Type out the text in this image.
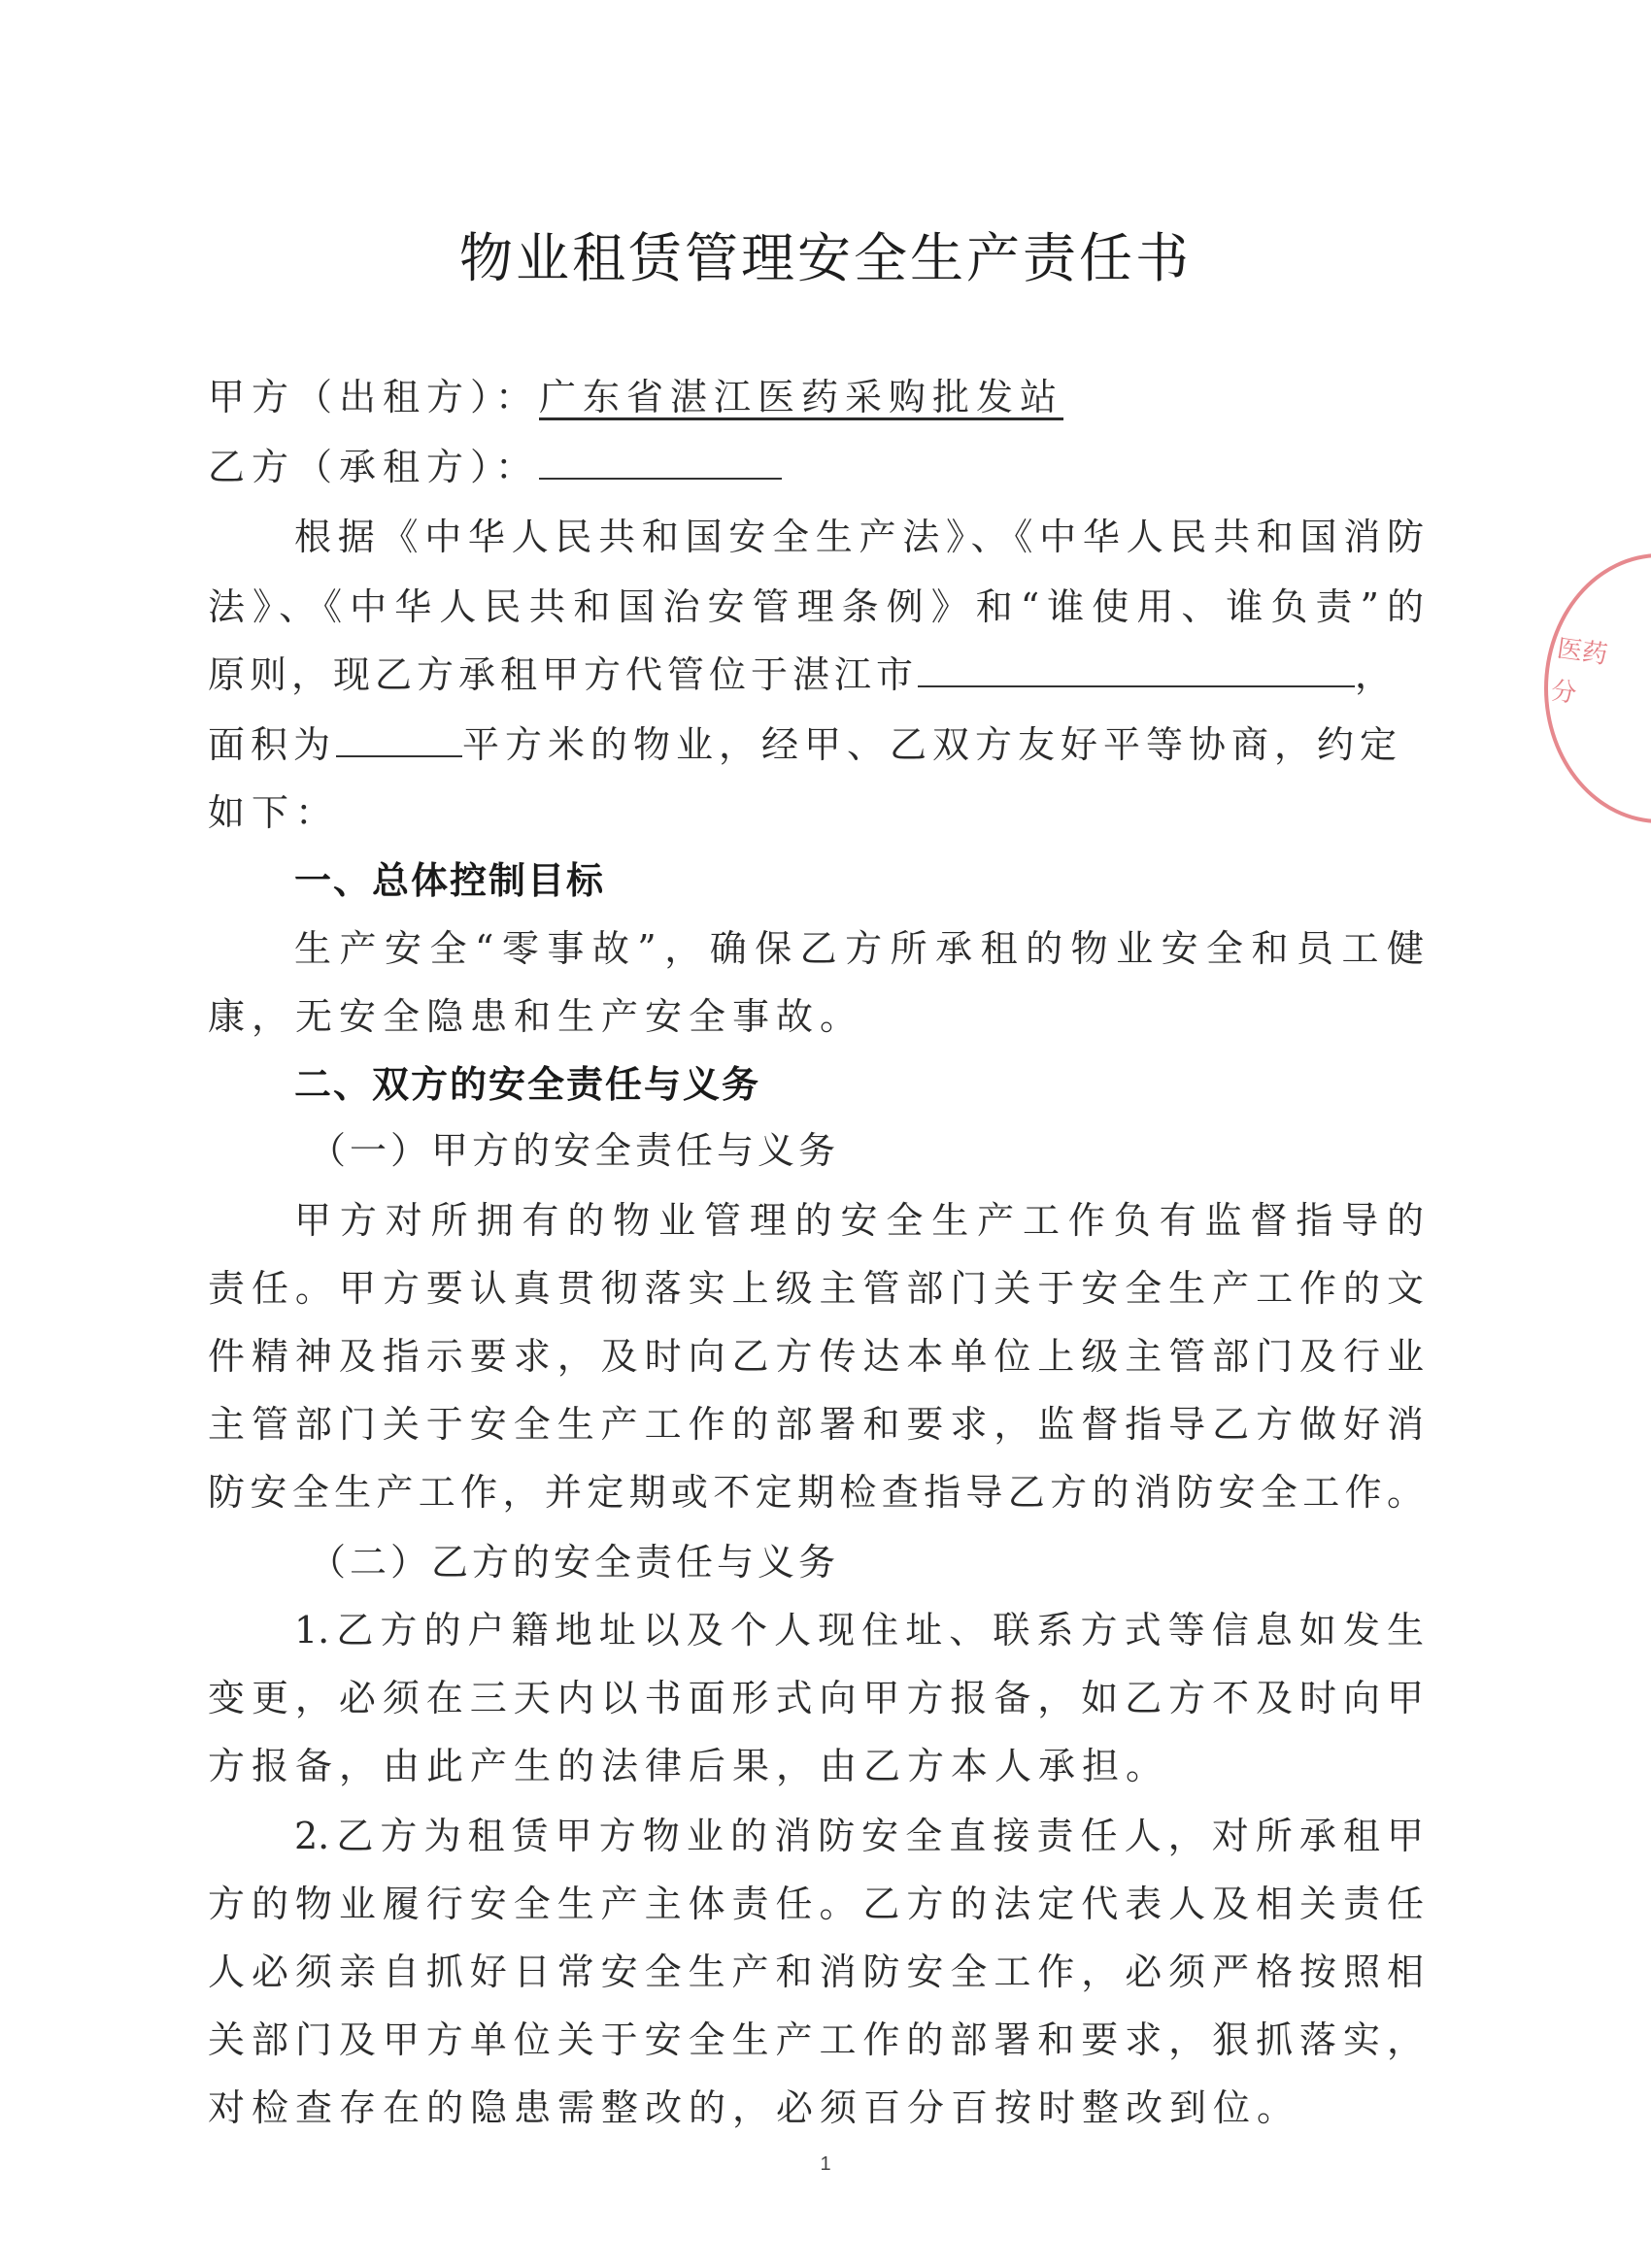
物业租赁管理安全生产责任书
甲方（出租方）：广东省湛江医药采购批发站
乙方（承租方）：
根据《中华人民共和国安全生产法》、《中华人民共和国消防
法》、《中华人民共和国治安管理条例》和“谁使用、谁负责”的
原则，现乙方承租甲方代管位于湛江市	，
面积为	平方米的物业，经甲、乙双方友好平等协商，约定
如下：
一、总体控制目标
生产安全“零事故”，确保乙方所承租的物业安全和员工健
康，无安全隐患和生产安全事故。
二、双方的安全责任与义务
（一）甲方的安全责任与义务
甲方对所拥有的物业管理的安全生产工作负有监督指导的
责任。甲方要认真贯彻落实上级主管部门关于安全生产工作的文
件精神及指示要求，及时向乙方传达本单位上级主管部门及行业
主管部门关于安全生产工作的部署和要求，监督指导乙方做好消
防安全生产工作，并定期或不定期检查指导乙方的消防安全工作。
（二）乙方的安全责任与义务
1.乙方的户籍地址以及个人现住址、联系方式等信息如发生
变更，必须在三天内以书面形式向甲方报备，如乙方不及时向甲
方报备，由此产生的法律后果，由乙方本人承担。
2.乙方为租赁甲方物业的消防安全直接责任人，对所承租甲
方的物业履行安全生产主体责任。乙方的法定代表人及相关责任
人必须亲自抓好日常安全生产和消防安全工作，必须严格按照相
关部门及甲方单位关于安全生产工作的部署和要求，狠抓落实，
对检查存在的隐患需整改的，必须百分百按时整改到位。
1
医药分
